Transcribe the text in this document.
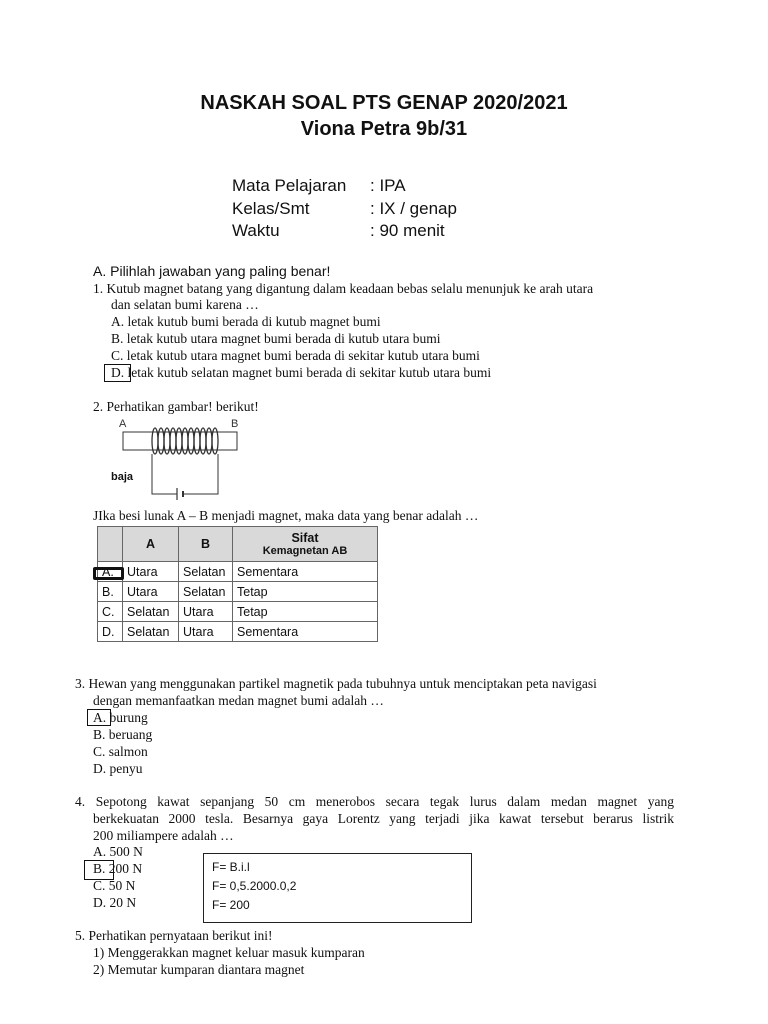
NASKAH SOAL PTS GENAP 2020/2021
Viona Petra 9b/31
Mata Pelajaran : IPA
Kelas/Smt	: IX / genap
Waktu	: 90 menit
A. Pilihlah jawaban yang paling benar!
1. Kutub magnet batang yang digantung dalam keadaan bebas selalu menunjuk ke arah utara
dan selatan bumi karena …
A. letak kutub bumi berada di kutub magnet bumi
B. letak kutub utara magnet bumi berada di kutub utara bumi
C. letak kutub utara magnet bumi berada di sekitar kutub utara bumi
D. letak kutub selatan magnet bumi berada di sekitar kutub utara bumi
2. Perhatikan gambar! berikut!
A	B
baja
JIka besi lunak A – B menjadi magnet, maka data yang benar adalah …
	A	B	Sifat
Kemagnetan AB

A.	Utara	Selatan	Sementara
B.	Utara	Selatan	Tetap
C.	Selatan	Utara	Tetap
D.	Selatan	Utara	Sementara
3. Hewan yang menggunakan partikel magnetik pada tubuhnya untuk menciptakan peta navigasi
dengan memanfaatkan medan magnet bumi adalah …
A. burung
B. beruang
C. salmon
D. penyu
4. Sepotong kawat sepanjang 50 cm menerobos secara tegak lurus dalam medan magnet yang
berkekuatan 2000 tesla. Besarnya gaya Lorentz yang terjadi jika kawat tersebut berarus listrik
200 miliampere adalah …
A. 500 N
B. 200 N
C. 50 N
D. 20 N
F= B.i.l
F= 0,5.2000.0,2
F= 200
5. Perhatikan pernyataan berikut ini!
1) Menggerakkan magnet keluar masuk kumparan
2) Memutar kumparan diantara magnet
